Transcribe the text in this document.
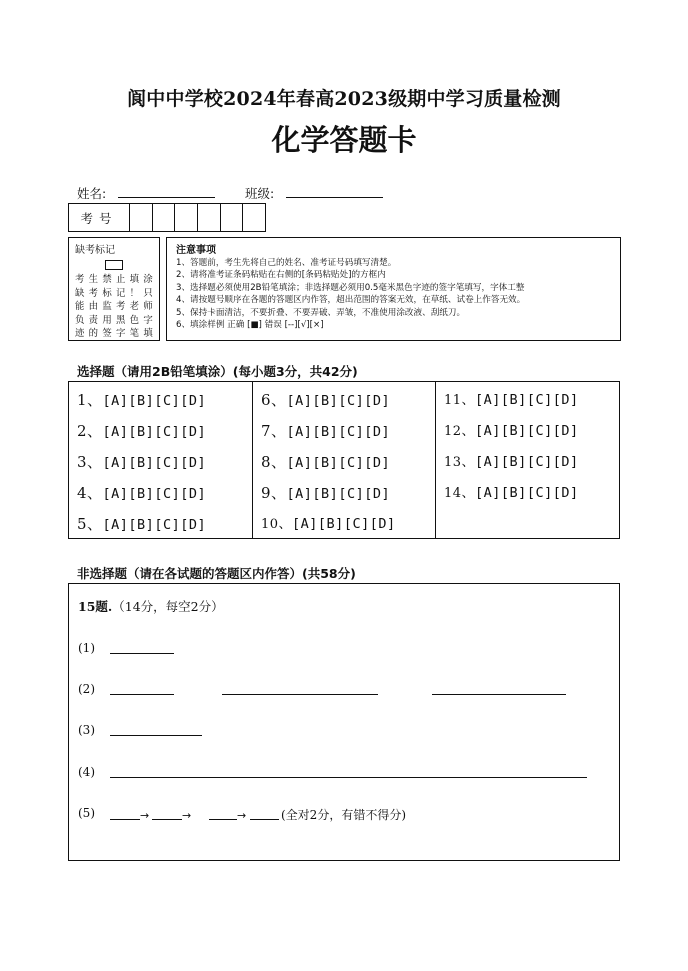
阆中中学校2024年春高2023级期中学习质量检测
化学答题卡
姓名:	班级:
考号
缺考标记
考生禁止填涂
缺考标记！只
能由监考老师
负责用黑色字
迹的签字笔填
注意事项
1、答题前，考生先将自己的姓名、准考证号码填写清楚。
2、请将准考证条码粘贴在右侧的[条码粘贴处]的方框内
3、选择题必须使用2B铅笔填涂；非选择题必须用0.5毫米黑色字迹的签字笔填写，字体工整
4、请按题号顺序在各题的答题区内作答，超出范围的答案无效，在草纸、试卷上作答无效。
5、保持卡面清洁，不要折叠、不要弄破、弄皱，不准使用涂改液、刮纸刀。
6、填涂样例 正确 [■] 错误 [--][√][×]
选择题（请用2B铅笔填涂）(每小题3分，共42分)
1、[A][B][C][D]
2、[A][B][C][D]
3、[A][B][C][D]
4、[A][B][C][D]
5、[A][B][C][D]
6、[A][B][C][D]
7、[A][B][C][D]
8、[A][B][C][D]
9、[A][B][C][D]
10、[A][B][C][D]
11、[A][B][C][D]
12、[A][B][C][D]
13、[A][B][C][D]
14、[A][B][C][D]
非选择题（请在各试题的答题区内作答）(共58分)
15题.（14分，每空2分）
(1)
(2)
(3)
(4)
(5)	→	→	→	(全对2分，有错不得分)
